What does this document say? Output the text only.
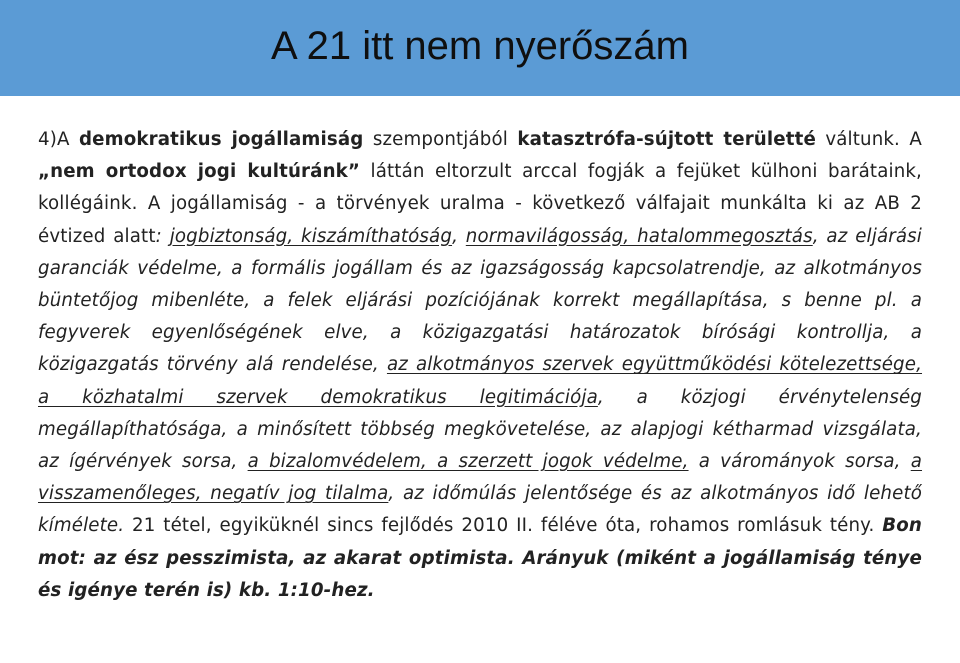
A 21 itt nem nyerőszám

4)A demokratikus jogállamiság szempontjából katasztrófa-sújtott területté váltunk. A „nem ortodox jogi kultúránk” láttán eltorzult arccal fogják a fejüket külhoni barátaink, kollégáink. A jogállamiság - a törvények uralma - következő válfajait munkálta ki az AB 2 évtized alatt: jogbiztonság, kiszámíthatóság, normavilágosság, hatalommegosztás, az eljárási garanciák védelme, a formális jogállam és az igazságosság kapcsolatrendje, az alkotmányos büntetőjog mibenléte, a felek eljárási pozíciójának korrekt megállapítása, s benne pl. a fegyverek egyenlőségének elve, a közigazgatási határozatok bírósági kontrollja, a közigazgatás törvény alá rendelése, az alkotmányos szervek együttműködési kötelezettsége, a közhatalmi szervek demokratikus legitimációja, a közjogi érvénytelenség megállapíthatósága, a minősített többség megkövetelése, az alapjogi kétharmad vizsgálata, az ígérvények sorsa, a bizalomvédelem, a szerzett jogok védelme, a várományok sorsa, a visszamenőleges, negatív jog tilalma, az időmúlás jelentősége és az alkotmányos idő lehető kímélete. 21 tétel, egyiküknél sincs fejlődés 2010 II. féléve óta, rohamos romlásuk tény. Bon mot: az ész pesszimista, az akarat optimista. Arányuk (miként a jogállamiság ténye és igénye terén is) kb. 1:10-hez.
